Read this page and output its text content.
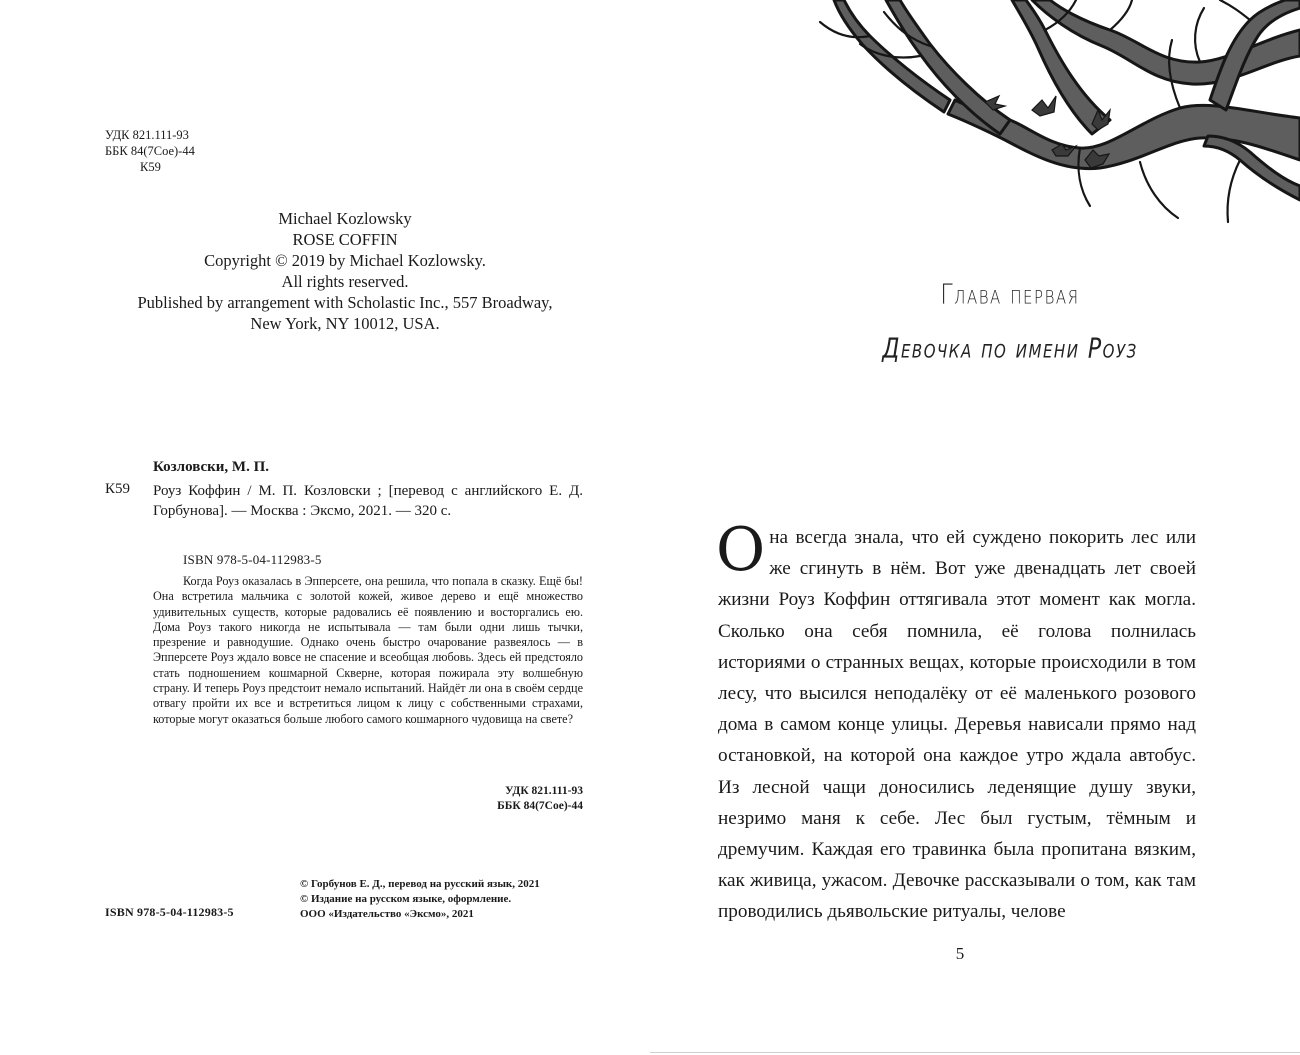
УДК 821.111-93
ББК 84(7Сое)-44
К59
Michael Kozlowsky
ROSE COFFIN
Copyright © 2019 by Michael Kozlowsky.
All rights reserved.
Published by arrangement with Scholastic Inc., 557 Broadway,
New York, NY 10012, USA.
Козловски, М. П.
К59 Роуз Коффин / М. П. Козловски ; [перевод с английского Е. Д. Горбунова]. — Москва : Эксмо, 2021. — 320 с.
ISBN 978-5-04-112983-5
Когда Роуз оказалась в Эпперсете, она решила, что попала в сказку. Ещё бы! Она встретила мальчика с золотой кожей, живое дерево и ещё множество удивительных существ, которые радовались её появлению и восторгались ею. Дома Роуз такого никогда не испытывала — там были одни лишь тычки, презрение и равнодушие. Однако очень быстро очарование развеялось — в Эпперсете Роуз ждало вовсе не спасение и всеобщая любовь. Здесь ей предстояло стать подношением кошмарной Скверне, которая пожирала эту волшебную страну. И теперь Роуз предстоит немало испытаний. Найдёт ли она в своём сердце отвагу пройти их все и встретиться лицом к лицу с собственными страхами, которые могут оказаться больше любого самого кошмарного чудовища на свете?
УДК 821.111-93
ББК 84(7Сое)-44
© Горбунов Е. Д., перевод на русский язык, 2021
© Издание на русском языке, оформление.
ООО «Издательство «Эксмо», 2021
ISBN 978-5-04-112983-5
Глава первая
Девочка по имени Роуз
Она всегда знала, что ей суждено покорить лес или же сгинуть в нём. Вот уже двенадцать лет своей жизни Роуз Коффин оттягивала этот момент как могла. Сколько она себя помнила, её голова полнилась историями о странных вещах, которые происходили в том лесу, что высился неподалёку от её маленького розового дома в самом конце улицы. Деревья нависали прямо над остановкой, на которой она каждое утро ждала автобус. Из лесной чащи доносились леденящие душу звуки, незримо маня к себе. Лес был густым, тёмным и дремучим. Каждая его травинка была пропитана вязким, как живица, ужасом. Девочке рассказывали о том, как там проводились дьявольские ритуалы, челове
5
